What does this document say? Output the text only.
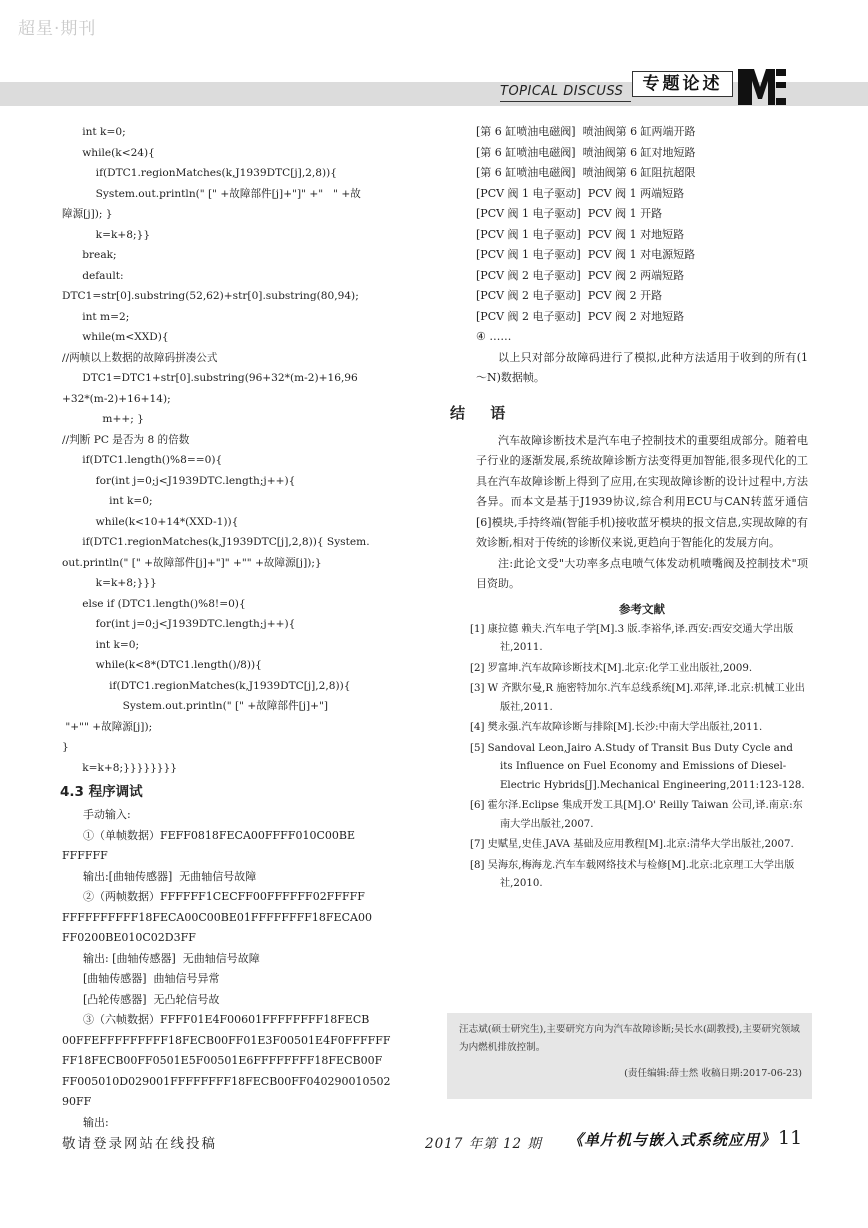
超星·期刊
TOPICAL DISCUSS	专题论述
int k=0;
while(k<24){
if(DTC1.regionMatches(k,J1939DTC[j],2,8)){
System.out.println(" [" +故障部件[j]+"]" +"   " +故
障源[j]); }
k=k+8;}}
break;
default:
DTC1=str[0].substring(52,62)+str[0].substring(80,94);
int m=2;
while(m<XXD){
//两帧以上数据的故障码拼凑公式
DTC1=DTC1+str[0].substring(96+32*(m-2)+16,96
+32*(m-2)+16+14);
m++; }
//判断 PC 是否为 8 的倍数
if(DTC1.length()%8==0){
for(int j=0;j<J1939DTC.length;j++){
int k=0;
while(k<10+14*(XXD-1)){
if(DTC1.regionMatches(k,J1939DTC[j],2,8)){ System.
out.println(" [" +故障部件[j]+"]" +"" +故障源[j]);}
k=k+8;}}}
else if (DTC1.length()%8!=0){
for(int j=0;j<J1939DTC.length;j++){
int k=0;
while(k<8*(DTC1.length()/8)){
if(DTC1.regionMatches(k,J1939DTC[j],2,8)){
System.out.println(" [" +故障部件[j]+"]
"+"" +故障源[j]);
}
k=k+8;}}}}}}}}
4.3 程序调试
手动输入:
①（单帧数据）FEFF0818FECA00FFFF010C00BE
FFFFFF
输出:[曲轴传感器]  无曲轴信号故障
②（两帧数据）FFFFFF1CECFF00FFFFFF02FFFFF
FFFFFFFFFF18FECA00C00BE01FFFFFFFF18FECA00
FF0200BE010C02D3FF
输出: [曲轴传感器]  无曲轴信号故障
[曲轴传感器]  曲轴信号异常
[凸轮传感器]  无凸轮信号故
③（六帧数据）FFFF01E4F00601FFFFFFFF18FECB
00FFEFFFFFFFFF18FECB00FF01E3F00501E4F0FFFFFF
FF18FECB00FF0501E5F00501E6FFFFFFFF18FECB00F
FF005010D029001FFFFFFFF18FECB00FF040290010502
90FF
输出:
[第 6 缸喷油电磁阀]  喷油阀第 6 缸两端开路
[第 6 缸喷油电磁阀]  喷油阀第 6 缸对地短路
[第 6 缸喷油电磁阀]  喷油阀第 6 缸阻抗超限
[PCV 阀 1 电子驱动]  PCV 阀 1 两端短路
[PCV 阀 1 电子驱动]  PCV 阀 1 开路
[PCV 阀 1 电子驱动]  PCV 阀 1 对地短路
[PCV 阀 1 电子驱动]  PCV 阀 1 对电源短路
[PCV 阀 2 电子驱动]  PCV 阀 2 两端短路
[PCV 阀 2 电子驱动]  PCV 阀 2 开路
[PCV 阀 2 电子驱动]  PCV 阀 2 对地短路
④ ……
以上只对部分故障码进行了模拟,此种方法适用于收到的所有(1～N)数据帧。
结 语
汽车故障诊断技术是汽车电子控制技术的重要组成部分。随着电子行业的逐渐发展,系统故障诊断方法变得更加智能,很多现代化的工具在汽车故障诊断上得到了应用,在实现故障诊断的设计过程中,方法各异。而本文是基于J1939协议,综合利用ECU与CAN转蓝牙通信[6]模块,手持终端(智能手机)接收蓝牙模块的报文信息,实现故障的有效诊断,相对于传统的诊断仪来说,更趋向于智能化的发展方向。
注:此论文受"大功率多点电喷气体发动机喷嘴阀及控制技术"项目资助。
参考文献
[1] 康拉德 赖夫.汽车电子学[M].3 版.李裕华,译.西安:西安交通大学出版社,2011.
[2] 罗富坤.汽车故障诊断技术[M].北京:化学工业出版社,2009.
[3] W 齐默尔曼,R 施密特加尔.汽车总线系统[M].邓萍,译.北京:机械工业出版社,2011.
[4] 樊永强.汽车故障诊断与排除[M].长沙:中南大学出版社,2011.
[5] Sandoval Leon,Jairo A.Study of Transit Bus Duty Cycle and its Influence on Fuel Economy and Emissions of Diesel-Electric Hybrids[J].Mechanical Engineering,2011:123-128.
[6] 霍尔泽.Eclipse 集成开发工具[M].O' Reilly Taiwan 公司,译.南京:东南大学出版社,2007.
[7] 史赋星,史佳.JAVA 基础及应用教程[M].北京:清华大学出版社,2007.
[8] 吴海东,梅海龙.汽车车载网络技术与检修[M].北京:北京理工大学出版社,2010.
汪志斌(硕士研究生),主要研究方向为汽车故障诊断;吴长水(副教授),主要研究领域为内燃机排放控制。
(责任编辑:薛士然 收稿日期:2017-06-23)
敬请登录网站在线投稿	2017 年第 12 期 《单片机与嵌入式系统应用》 11
